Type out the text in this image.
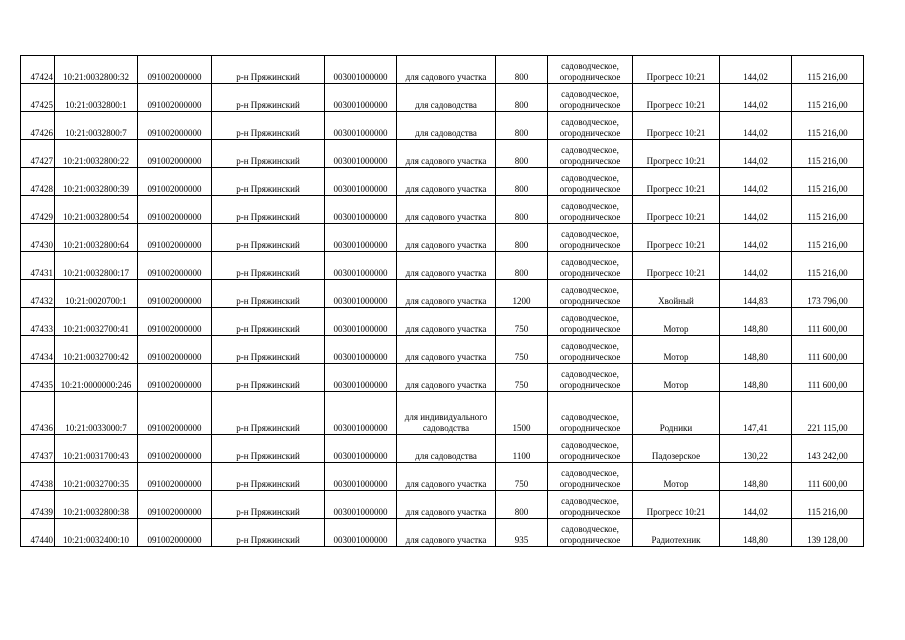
47424	10:21:0032800:32	091002000000	р-н Пряжинский	003001000000	для садового участка	800	садоводческое, огородническое	Прогресс 10:21	144,02	115 216,00
47425	10:21:0032800:1	091002000000	р-н Пряжинский	003001000000	для садоводства	800	садоводческое, огородническое	Прогресс 10:21	144,02	115 216,00
47426	10:21:0032800:7	091002000000	р-н Пряжинский	003001000000	для садоводства	800	садоводческое, огородническое	Прогресс 10:21	144,02	115 216,00
47427	10:21:0032800:22	091002000000	р-н Пряжинский	003001000000	для садового участка	800	садоводческое, огородническое	Прогресс 10:21	144,02	115 216,00
47428	10:21:0032800:39	091002000000	р-н Пряжинский	003001000000	для садового участка	800	садоводческое, огородническое	Прогресс 10:21	144,02	115 216,00
47429	10:21:0032800:54	091002000000	р-н Пряжинский	003001000000	для садового участка	800	садоводческое, огородническое	Прогресс 10:21	144,02	115 216,00
47430	10:21:0032800:64	091002000000	р-н Пряжинский	003001000000	для садового участка	800	садоводческое, огородническое	Прогресс 10:21	144,02	115 216,00
47431	10:21:0032800:17	091002000000	р-н Пряжинский	003001000000	для садового участка	800	садоводческое, огородническое	Прогресс 10:21	144,02	115 216,00
47432	10:21:0020700:1	091002000000	р-н Пряжинский	003001000000	для садового участка	1200	садоводческое, огородническое	Хвойный	144,83	173 796,00
47433	10:21:0032700:41	091002000000	р-н Пряжинский	003001000000	для садового участка	750	садоводческое, огородническое	Мотор	148,80	111 600,00
47434	10:21:0032700:42	091002000000	р-н Пряжинский	003001000000	для садового участка	750	садоводческое, огородническое	Мотор	148,80	111 600,00
47435	10:21:0000000:246	091002000000	р-н Пряжинский	003001000000	для садового участка	750	садоводческое, огородническое	Мотор	148,80	111 600,00
47436	10:21:0033000:7	091002000000	р-н Пряжинский	003001000000	для индивидуального садоводства	1500	садоводческое, огородническое	Родники	147,41	221 115,00
47437	10:21:0031700:43	091002000000	р-н Пряжинский	003001000000	для садоводства	1100	садоводческое, огородническое	Падозерское	130,22	143 242,00
47438	10:21:0032700:35	091002000000	р-н Пряжинский	003001000000	для садового участка	750	садоводческое, огородническое	Мотор	148,80	111 600,00
47439	10:21:0032800:38	091002000000	р-н Пряжинский	003001000000	для садового участка	800	садоводческое, огородническое	Прогресс 10:21	144,02	115 216,00
47440	10:21:0032400:10	091002000000	р-н Пряжинский	003001000000	для садового участка	935	садоводческое, огородническое	Радиотехник	148,80	139 128,00
